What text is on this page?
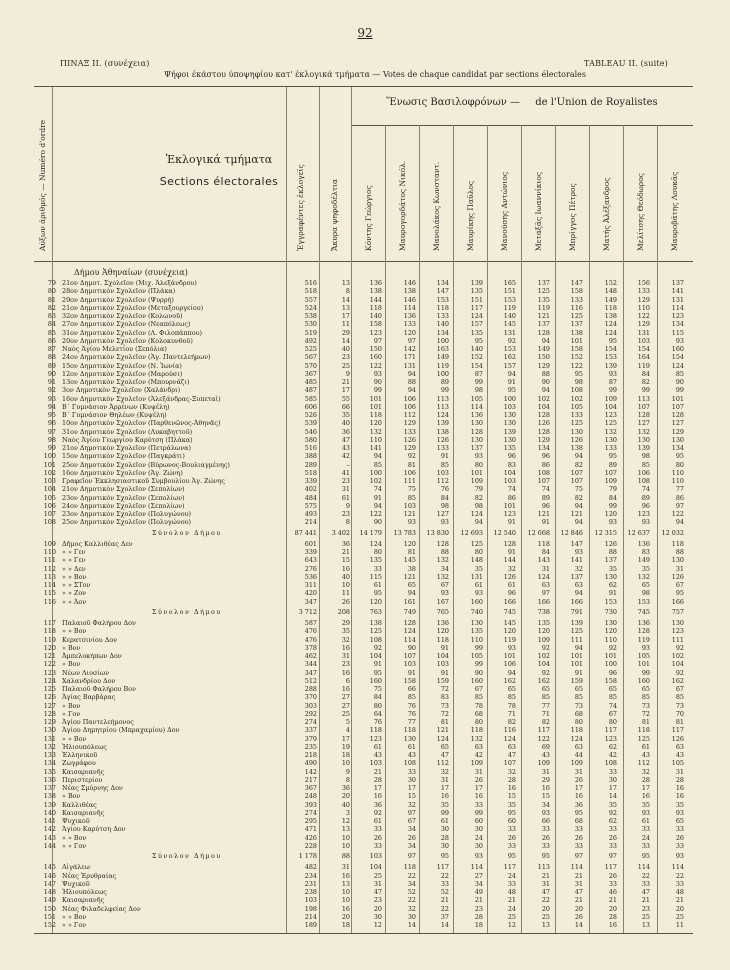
92
ΠΙΝΑΞ II. (συνέχεια)	TABLEAU II. (suite)
Ψήφοι έκάστου ύποψηφίου κατ' έκλογικά τμήματα — Votes de chaque candidat par sections électorales
Αύξων άριθμός — Numéro d'ordre	Ἐκλογικά τμήματα
Sections électorales	Ἐγγραφέντες ἐκλογεῖς	Ἄκυρα ψηφοδέλτια
Ἕνωσις Βασιλοφρόνων — de l'Union de Royalistes
Κόντης Γεώργιος	Μαυρογορδάτος Νικόλ.	Μανολάκος Κωνσταντ.	Μαυρίκης Παῦλος	Μανούσης Αντώνιος	Μεταξᾶς Ιωαννίκιος	Μπρίγγος Πέτρος	Ματής Ἀλέξανδρος	Μελίτσης Θεόδωρος	Μαυροβάτης Λουκᾶς
Δήμου Ἀθηναίων (συνέχεια)
79 21ον Δημοτ. Σχολεῖον (Μιχ. Ἀλεξάνδρου)	516	13	136	146	134	139	165	137	147	152	156	137
80 28ον Δημοτικὸν Σχολεῖον (Πλάκα)	518	8	138	138	147	135	151	125	158	148	133	141
81 29ον Δημοτικὸν Σχολεῖον (Ψυρρή)	557	14	144	146	153	151	153	135	133	149	129	131
82 21ον Δημοτικὸν Σχολεῖον (Μεταξουργείου)	524	13	118	114	118	117	119	119	116	118	110	114
83 32ον Δημοτικὸν Σχολεῖον (Κολωνοῦ)	538	17	140	136	133	124	140	121	125	138	122	123
84 27ον Δημοτικὸν Σχολεῖον (Νεαπόλεως)	530	11	158	133	140	157	145	137	137	124	129	134
85 31ον Δημοτικὸν Σχολεῖον (Λ. Φιλοπάππου)	519	29	123	120	134	135	131	128	138	124	131	115
86 20ον Δημοτικὸν Σχολεῖον (Κολοκυνθοῦ)	492	14	97	97	100	95	92	94	101	95	103	93
87 Ναὸς Ἁγίου Μελετίου (Σεπόλια)	525	40	150	142	163	140	153	149	158	154	154	160
88 24ον Δημοτικὸν Σχολεῖον (Ἁγ. Παντελεήμων)	567	23	160	171	149	152	162	150	152	153	164	154
89 15ον Δημοτικὸν Σχολεῖον (Ν. Ἰωνία)	570	25	122	131	119	154	157	129	122	139	119	124
90 12ον Δημοτικὸν Σχολεῖον (Μαρούσι)	367	9	93	94	100	87	94	88	95	93	84	85
91 13ον Δημοτικὸν Σχολεῖον (Μπουρνάζι)	485	21	90	88	89	99	91	90	98	87	82	90
92 3ον Δημοτικὸν Σχολεῖον (Χαλάνδρι)	487	17	99	94	99	98	95	94	108	99	99	99
93 16ον Δημοτικὸν Σχολεῖον (Ἀλεξάνδρας-Ξυπεταὶ)	585	55	101	106	113	105	100	102	102	109	113	101
94 Β΄ Γυμνάσιον Ἀρρένων (Κυψέλη)	606	66	101	106	113	114	103	104	105	104	107	107
95 Β΄ Γυμνάσιον Θηλέων (Κυψέλη)	526	35	118	112	124	136	130	128	133	123	128	128
96 10ον Δημοτικὸν Σχολεῖον (Παρθενῶνος-Ἀθηνᾶς)	539	40	120	129	139	130	130	126	125	125	127	127
97 31ον Δημοτικὸν Σχολεῖον (Λυκαβηττοῦ)	546	36	132	133	138	128	139	128	130	132	132	129
98 Ναὸς Ἁγίου Γεωργίου Καρύτση (Πλάκα)	580	47	110	126	126	130	130	129	126	130	130	130
99 21ον Δημοτικὸν Σχολεῖον (Πετράλωνα)	516	43	141	129	133	137	135	134	138	133	139	134
100 15ον Δημοτικὸν Σχολεῖον (Παγκράτι)	388	42	94	92	91	93	96	96	94	95	98	95
101 25ον Δημοτικὸν Σχολεῖον (Βύρωνος-Βουλιαγμένης)	289	–	85	81	85	80	83	86	82	89	85	80
102 16ον Δημοτικὸν Σχολεῖον (Ἁγ. Ζώνη)	518	41	100	106	103	101	104	108	107	107	106	110
103 Γραφεῖον Ἐκκλησιαστικοῦ Συμβουλίου Ἁγ. Ζώνης	339	23	102	111	112	109	103	107	107	109	108	110
104 21ον Δημοτικὸν Σχολεῖον (Σεπολίων)	402	31	74	75	76	79	74	74	75	79	74	77
105 23ον Δημοτικὸν Σχολεῖον (Σεπολίων)	484	61	91	85	84	82	86	89	82	84	89	86
106 24ον Δημοτικὸν Σχολεῖον (Σεπολίων)	575	9	94	103	98	98	101	96	94	99	96	97
107 23ον Δημοτικὸν Σχολεῖον (Πολυγώνου)	493	23	122	121	127	124	123	121	121	120	123	122
108 25ον Δημοτικὸν Σχολεῖον (Πολυγώνου)	214	8	90	93	93	94	91	91	94	93	93	94
Σύνολον Δήμου	87 441	3 402	14 179	13 783	13 830	12 693	12 540	12 668	12 846	12 315	12 637	12 032
109 Δῆμος Καλλιθέας Δεν	601	36	124	120	128	125	128	118	147	126	136	118
110 » » Γεν	339	21	80	81	88	80	91	84	93	88	83	88
111 » » Γεν	643	15	135	145	132	148	144	143	141	137	149	130
112 » » Δεν	276	16	33	38	34	35	32	31	32	35	35	31
113 » » Βον	536	40	115	121	132	131	126	124	137	130	132	126
114 » » ΣΤον	311	10	61	65	67	61	61	63	63	62	65	67
115 » » Ζον	420	11	95	94	93	93	96	97	94	91	98	95
116 » » Ἀον	347	26	120	161	167	160	166	166	166	153	153	166
Σύνολον Δήμου	3 712	208	763	749	765	740	745	738	791	730	745	757
117 Παλαιοῦ Φαλήρου Δον	587	29	138	128	136	130	145	135	139	130	136	130
118 » » Βον	476	35	125	124	120	135	120	120	125	120	128	123
119 Κερατσινίου Δον	476	32	108	114	118	110	119	109	111	110	119	111
120 » Βον	378	16	92	90	91	99	93	92	94	92	93	92
121 Ἀμπελοκήπων Δον	462	31	104	107	104	105	101	102	101	101	105	102
122 » Βον	344	23	91	103	103	99	106	104	101	100	101	104
123 Νέων Λιοσίων	347	16	95	91	91	90	94	92	91	96	99	92
124 Χαλανδρίου Δον	512	6	160	158	159	160	162	162	159	158	160	162
125 Παλαιοῦ Φαλήρου Βον	288	16	75	66	72	67	65	65	65	65	65	67
126 Ἁγίας Βαρβάρας	370	27	84	85	83	85	85	85	85	85	85	85
127 » Βον	303	27	80	76	73	78	78	77	73	74	73	73
128 » Γον	292	25	64	76	72	68	71	71	68	67	72	70
129 Ἁγίου Παντελεήμονος	274	5	76	77	81	80	82	82	80	80	81	81
130 Ἁγίου Δημητρίου (Μπραχαμίου) Δον	337	4	118	118	121	118	116	117	118	117	118	117
131 » » Βον	379	17	123	130	124	132	124	122	124	123	125	126
132 Ἠλιουπόλεως	235	19	61	61	65	63	63	69	63	62	61	63
133 Ἑλληνικοῦ	218	18	43	43	47	42	47	43	44	42	43	43
134 Ζωγράφου	490	10	103	108	112	109	107	109	109	108	112	105
135 Καισαριανῆς	142	9	21	33	32	31	32	31	31	33	32	31
136 Περιστερίου	217	8	28	30	31	26	28	29	26	30	28	28
137 Νέας Σμύρνης Δον	367	36	17	17	17	17	16	16	17	17	17	16
138 » Βον	248	20	16	15	16	16	15	15	16	14	16	16
139 Καλλιθέας	393	40	36	32	35	33	35	34	36	35	35	35
140 Καισαριανῆς	274	3	92	97	99	99	95	93	95	92	93	93
141 Ψυχικοῦ	295	12	61	67	61	60	60	66	68	62	61	65
142 Ἁγίου Καρύτση Δον	471	13	33	34	30	30	33	33	33	33	33	33
143 » » Βον	426	10	26	26	28	24	26	26	26	26	24	26
144 » » Γον	228	10	33	34	30	30	33	33	33	33	33	33
Σύνολον Δήμου	1 178	88	103	97	95	93	95	95	97	97	95	93
145 Αἰγάλεω	482	31	104	118	117	114	117	113	114	117	114	114
146 Νέας Ἐρυθραίας	234	16	25	22	22	27	24	21	21	26	22	22
147 Ψυχικοῦ	231	13	31	34	33	34	33	31	31	33	33	33
148 Ἠλιουπόλεως	238	10	47	52	52	49	48	47	47	46	47	48
149 Καισαριανῆς	103	10	23	22	21	21	21	22	21	21	21	21
150 Νέας Φιλαδελφείας Δον	198	16	20	32	22	23	24	20	20	20	23	20
151 » » Βον	214	20	30	30	37	28	25	25	26	28	25	25
152 » » Γον	189	18	12	14	14	18	12	13	14	16	13	11
